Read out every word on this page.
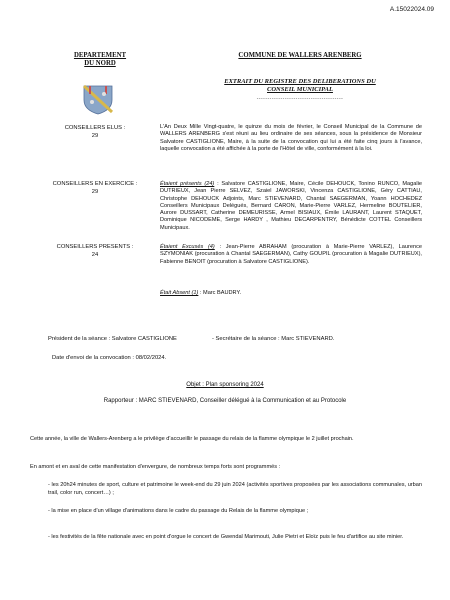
A.15022024.09
DEPARTEMENT
DU NORD
COMMUNE DE WALLERS ARENBERG
EXTRAIT DU REGISTRE DES DELIBERATIONS DU
CONSEIL MUNICIPAL
----------------------------------------
CONSEILLERS ELUS :
29
L'An Deux Mille Vingt-quatre, le quinze du mois de février, le Conseil Municipal de la Commune de WALLERS ARENBERG s'est réuni au lieu ordinaire de ses séances, sous la présidence de Monsieur Salvatore CASTIGLIONE, Maire, à la suite de la convocation qui lui a été faite cinq jours à l'avance, laquelle convocation a été affichée à la porte de l'Hôtel de ville, conformément à la loi.
CONSEILLERS EN EXERCICE :
29
Étaient présents (24) : Salvatore CASTIGLIONE, Maire, Cécile DEHOUCK, Tonino RUNCO, Magalie DUTRIEUX, Jean Pierre SELVEZ, Szaiel JAWORSKI, Vincenza CASTIGLIONE, Géry CATTIAU, Christophe DEHOUCK Adjoints, Marc STIEVENARD, Chantal SAEGERMAN, Yoann HOCHEDEZ Conseillers Municipaux Delégués, Bernard CARON, Marie-Pierre VARLEZ, Hermeline BOUTELIER, Aurore DUSSART, Catherine DEMEURISSE, Armel BISIAUX, Émile LAURANT, Laurent STAQUET, Dominique NICODEME, Serge HARDY , Mathieu DECARPENTRY, Bénédicte COTTEL Conseillers Municipaux.
CONSEILLERS PRESENTS :
24
Étaient Excusés (4) : Jean-Pierre ABRAHAM (procuration à Marie-Pierre VARLEZ), Laurence SZYMONIAK (procuration à Chantal SAEGERMAN), Cathy GOUPIL (procuration à Magalie DUTRIEUX), Fabienne BENOIT (procuration à Salvatore CASTIGLIONE).
Était Absent (1) : Marc BAUDRY.
Président de la séance : Salvatore CASTIGLIONE	- Secrétaire de la séance : Marc STIEVENARD.
Date d'envoi de la convocation : 08/02/2024.
Objet : Plan sponsoring 2024
Rapporteur : MARC STIEVENARD, Conseiller délégué à la Communication et au Protocole
Cette année, la ville de Wallers-Arenberg a le privilège d'accueillir le passage du relais de la flamme olympique le 2 juillet prochain.
En amont et en aval de cette manifestation d'envergure, de nombreux temps forts sont programmés :
- les 20h24 minutes de sport, culture et patrimoine le week-end du 29 juin 2024 (activités sportives proposées par les associations communales, urban trail, color run, concert…) ;
- la mise en place d'un village d'animations dans le cadre du passage du Relais de la flamme olympique ;
- les festivités de la fête nationale avec en point d'orgue le concert de Gwendal Marimouti, Julie Pietri et Eloïz puis le feu d'artifice au site minier.
